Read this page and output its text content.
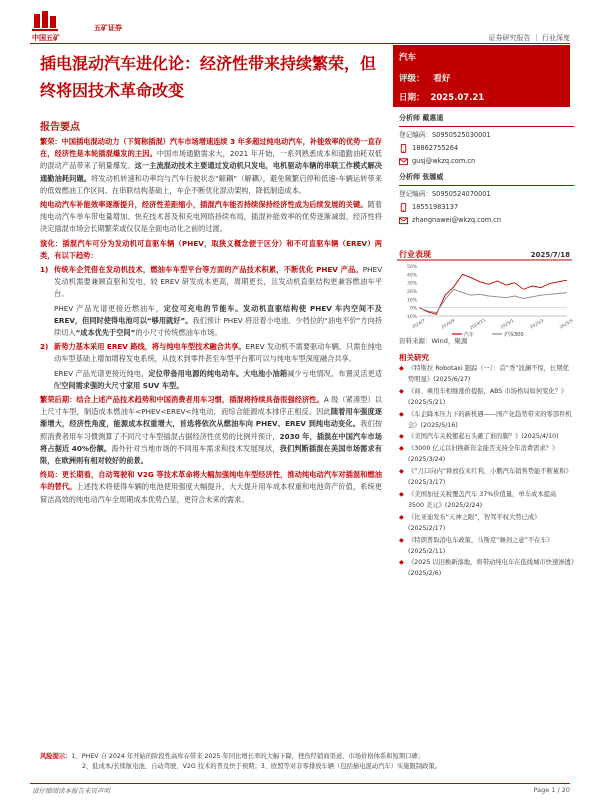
中国五矿
五矿证券
证券研究报告 ｜ 行业深度
插电混动汽车进化论：经济性带来持续繁荣，但终将因技术革命改变
汽车
评级： 看好
日期： 2025.07.21
报告要点

繁荣：中国插电混动动力（下简称插混）汽车市场增速连续 3 年多超过纯电动汽车，补能效率的优势一直存在，经济性是本轮插混爆发的主因。中国市场通勤需求大，2021 年开始，一系列熟悉成本和通勤油耗双低的混动产品带来了销量爆发。这一主流混动技术主要通过发动机只发电，电机驱动车辆的串联工作模式解决通勤油耗问题。将发动机转速和功率均与汽车行驶状态“解耦”（解耦），避免频繁启停和低速-车辆运转带来的低效燃油工作区间。在串联结构基础上，车企不断优化混动架构，降低制造成本。

纯电动汽车补能效率逐渐提升，经济性差距缩小，插混汽车能否持续保持经济性成为后续发展的关键。随着纯电动汽车单车带电量增加、快充技术普及和充电网络持续布局，插混补能效率的优势逐渐减弱，经济性将决定插混市场会长期繁荣或仅仅是全面电动化之前的过渡。

演化：插混汽车可分为发动机可直驱车辆（PHEV，取狭义概念便于区分）和不可直驱车辆（EREV）两类，有以下趋势：

1) 传统车企凭借在发动机技术，燃油车车型平台等方面的产品技术积累，不断优化 PHEV 产品。PHEV 发动机需要兼顾直驱和发电，较 EREV 研发成本更高，周期更长，且发动机直驱结构更兼容燃油车平台。

PHEV 产品光谱更接近燃油车，定位可充电的节能车。发动机直驱结构使 PHEV 车内空间不及 EREV，但同时使得电池可以“够用就好”。我们预计 PHEV 将沿着小电池、少档位的“油电平价”方向持续切入“成本优先于空间”的小尺寸传统燃油车市场。

2) 新势力基本采用 EREV 路线，将与纯电车型技术融合共享。EREV 发动机不需要驱动车辆，只需在纯电动车型基础上增加增程发电系统，从技术到零件甚至车型平台都可以与纯电车型深度融合共享。

EREV 产品光谱更接近纯电，定位带备用电源的纯电动车。大电池小油箱减少亏电情况，布置灵活更适配空间需求强的大尺寸家用 SUV 车型。

繁荣后期：结合上述产品技术趋势和中国消费者用车习惯，插混将持续具备很强经济性。A 级（紧凑型）以上尺寸车型，制造成本燃油车<PHEV<EREV<纯电动，而综合能源成本排序正相反。因此随着用车强度逐渐增大，经济性角度，能源成本权重增大，首选将依次从燃油车向 PHEV、EREV 到纯电动变化。我们按照消费者用车习惯测算了不同尺寸车型插混占据经济性优势的比例并预计，2030 年，插混在中国汽车市场将占据近 40%份额。海外针对当地市场的不同用车需求和技术发展现状，我们判断插混在美国市场需求有限，在欧洲则有相对较好的前景。

终局：更长期看，自动驾驶和 V2G 等技术革命将大幅加强纯电车型经济性，推动纯电动汽车对插混和燃油车的替代。上述技术将使得车辆的电池使用强度大幅提升，大大提升用车成本权重和电池资产价值，系统更简洁高效的纯电动汽车全周期成本优势凸显，更符合未来的需求。

分析师 戴惠遥
登记编码：S0950525030001
18862755264
gusj@wkzq.com.cn
分析师 张娜威
登记编码：S0950524070001
18551983137
zhangnawei@wkzq.com.cn
行业表现	2025/7/18
50%
40%
30%
20%
10%
0%
-10%
2024/7	2024/9	2024/11	2025/1	2025/3	2025/5
汽车	沪深300
资料来源：Wind，聚源
相关研究
◆ 《特斯拉 Robotaxi 跟踪（一）：首“秀”波澜不惊，长期优势明显》(2025/6/27)
◆ 《商、乘用车相继涨价提振，ABS 市场格局如何变化？》(2025/5/21)
◆ 《车企降本压力下的新机遇——国产化趋势带来的零部件机会》(2025/5/16)
◆ 《美国汽车关税搬起石头砸了谁的脚？》(2025/4/10)
◆ 《3000 亿元以旧换新资金能否支持全年消费需求？》(2025/3/24)
◆ 《“刀口向内”释放技术红利，小鹏汽车销售势能不断累积》(2025/3/17)
◆ 《美国加征关税覆盖汽车 37%价值量，单车成本提高 3500 美元》(2025/2/24)
◆ 《比亚迪发布“天神之眼”，智驾平权大势已成》(2025/2/17)
◆ 《特朗普取消电车政策，马斯克“舞剑之意”不在车》(2025/2/11)
◆ 《2025 以旧换新落地，将带动纯电车在低线城市快速渗透》(2025/2/6)
风险提示：1、PHEV 自 2024 年开始的阶段性高库存带来 2025 年同比增长率的大幅下降，挫伤经销商渠道、市场价格体系和短期口碑；
2、低成本/长续航电池、自动驾驶、V2G 技术的普及快于预期；3、欧盟等对非零排放车辆（包括插电混动汽车）实施限制政策。
请仔细阅读本报告末页声明	Page 1 / 20
